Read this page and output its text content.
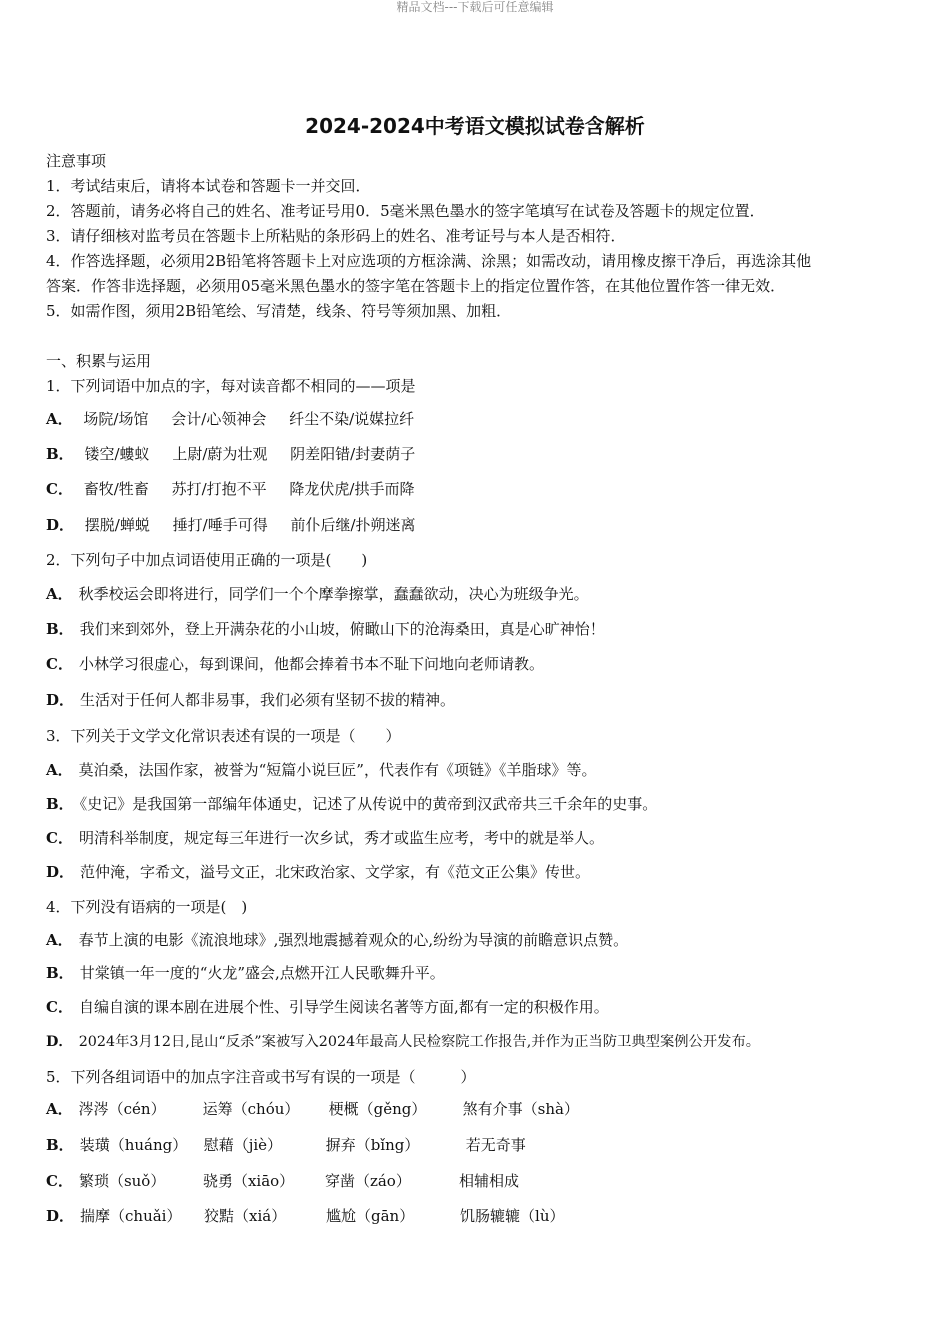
精品文档---下载后可任意编辑
2024-2024中考语文模拟试卷含解析
注意事项
1．考试结束后，请将本试卷和答题卡一并交回．
2．答题前，请务必将自己的姓名、准考证号用0．5毫米黑色墨水的签字笔填写在试卷及答题卡的规定位置．
3．请仔细核对监考员在答题卡上所粘贴的条形码上的姓名、准考证号与本人是否相符．
4．作答选择题，必须用2B铅笔将答题卡上对应选项的方框涂满、涂黑；如需改动，请用橡皮擦干净后，再选涂其他
答案．作答非选择题，必须用05毫米黑色墨水的签字笔在答题卡上的指定位置作答，在其他位置作答一律无效．
5．如需作图，须用2B铅笔绘、写清楚，线条、符号等须加黑、加粗．
一、积累与运用
1．下列词语中加点的字，每对读音都不相同的——项是
A． 场院/场馆 会计/心领神会 纤尘不染/说媒拉纤
B． 镂空/螻蚁 上尉/蔚为壮观 阴差阳错/封妻荫子
C． 畜牧/牲畜 苏打/打抱不平 降龙伏虎/拱手而降
D． 摆脱/蝉蜕 捶打/唾手可得 前仆后继/扑朔迷离
2．下列句子中加点词语使用正确的一项是(　　)
A． 秋季校运会即将进行，同学们一个个摩拳擦掌，蠢蠢欲动，决心为班级争光。
B． 我们来到郊外，登上开满杂花的小山坡，俯瞰山下的沧海桑田，真是心旷神怡！
C． 小林学习很虚心，每到课间，他都会捧着书本不耻下问地向老师请教。
D． 生活对于任何人都非易事，我们必须有坚韧不拔的精神。
3．下列关于文学文化常识表述有误的一项是（　　）
A． 莫泊桑，法国作家，被誉为“短篇小说巨匠”，代表作有《项链》《羊脂球》等。
B． 《史记》是我国第一部编年体通史，记述了从传说中的黄帝到汉武帝共三千余年的史事。
C． 明清科举制度，规定每三年进行一次乡试，秀才或监生应考，考中的就是举人。
D． 范仲淹，字希文，溢号文正，北宋政治家、文学家，有《范文正公集》传世。
4．下列没有语病的一项是(　)
A． 春节上演的电影《流浪地球》,强烈地震撼着观众的心,纷纷为导演的前瞻意识点赞。
B． 甘棠镇一年一度的“火龙”盛会,点燃开江人民歌舞升平。
C． 自编自演的课本剧在进展个性、引导学生阅读名著等方面,都有一定的积极作用。
D． 2024年3月12日,昆山“反杀”案被写入2024年最高人民检察院工作报告,并作为正当防卫典型案例公开发布。
5．下列各组词语中的加点字注音或书写有误的一项是（　　　）
A． 涔涔（cén） 运筹（chóu） 梗概（gěng） 煞有介事（shà）
B． 装璜（huáng） 慰藉（jiè）	摒弃（bǐng）	若无奇事
C． 繁琐（suǒ）	骁勇（xiāo） 穿凿（záo）	相辅相成
D． 揣摩（chuǎi） 狡黠（xiá）	尴尬（gān）	饥肠辘辘（lù）
